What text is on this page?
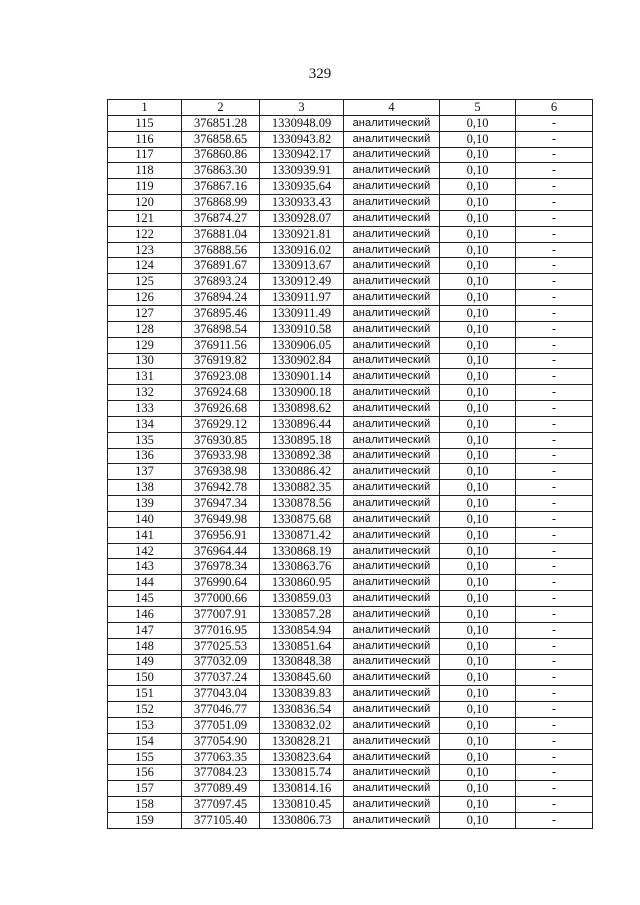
329
1	2	3	4	5	6
115	376851.28	1330948.09	аналитический	0,10	-
116	376858.65	1330943.82	аналитический	0,10	-
117	376860.86	1330942.17	аналитический	0,10	-
118	376863.30	1330939.91	аналитический	0,10	-
119	376867.16	1330935.64	аналитический	0,10	-
120	376868.99	1330933.43	аналитический	0,10	-
121	376874.27	1330928.07	аналитический	0,10	-
122	376881.04	1330921.81	аналитический	0,10	-
123	376888.56	1330916.02	аналитический	0,10	-
124	376891.67	1330913.67	аналитический	0,10	-
125	376893.24	1330912.49	аналитический	0,10	-
126	376894.24	1330911.97	аналитический	0,10	-
127	376895.46	1330911.49	аналитический	0,10	-
128	376898.54	1330910.58	аналитический	0,10	-
129	376911.56	1330906.05	аналитический	0,10	-
130	376919.82	1330902.84	аналитический	0,10	-
131	376923.08	1330901.14	аналитический	0,10	-
132	376924.68	1330900.18	аналитический	0,10	-
133	376926.68	1330898.62	аналитический	0,10	-
134	376929.12	1330896.44	аналитический	0,10	-
135	376930.85	1330895.18	аналитический	0,10	-
136	376933.98	1330892.38	аналитический	0,10	-
137	376938.98	1330886.42	аналитический	0,10	-
138	376942.78	1330882.35	аналитический	0,10	-
139	376947.34	1330878.56	аналитический	0,10	-
140	376949.98	1330875.68	аналитический	0,10	-
141	376956.91	1330871.42	аналитический	0,10	-
142	376964.44	1330868.19	аналитический	0,10	-
143	376978.34	1330863.76	аналитический	0,10	-
144	376990.64	1330860.95	аналитический	0,10	-
145	377000.66	1330859.03	аналитический	0,10	-
146	377007.91	1330857.28	аналитический	0,10	-
147	377016.95	1330854.94	аналитический	0,10	-
148	377025.53	1330851.64	аналитический	0,10	-
149	377032.09	1330848.38	аналитический	0,10	-
150	377037.24	1330845.60	аналитический	0,10	-
151	377043.04	1330839.83	аналитический	0,10	-
152	377046.77	1330836.54	аналитический	0,10	-
153	377051.09	1330832.02	аналитический	0,10	-
154	377054.90	1330828.21	аналитический	0,10	-
155	377063.35	1330823.64	аналитический	0,10	-
156	377084.23	1330815.74	аналитический	0,10	-
157	377089.49	1330814.16	аналитический	0,10	-
158	377097.45	1330810.45	аналитический	0,10	-
159	377105.40	1330806.73	аналитический	0,10	-
